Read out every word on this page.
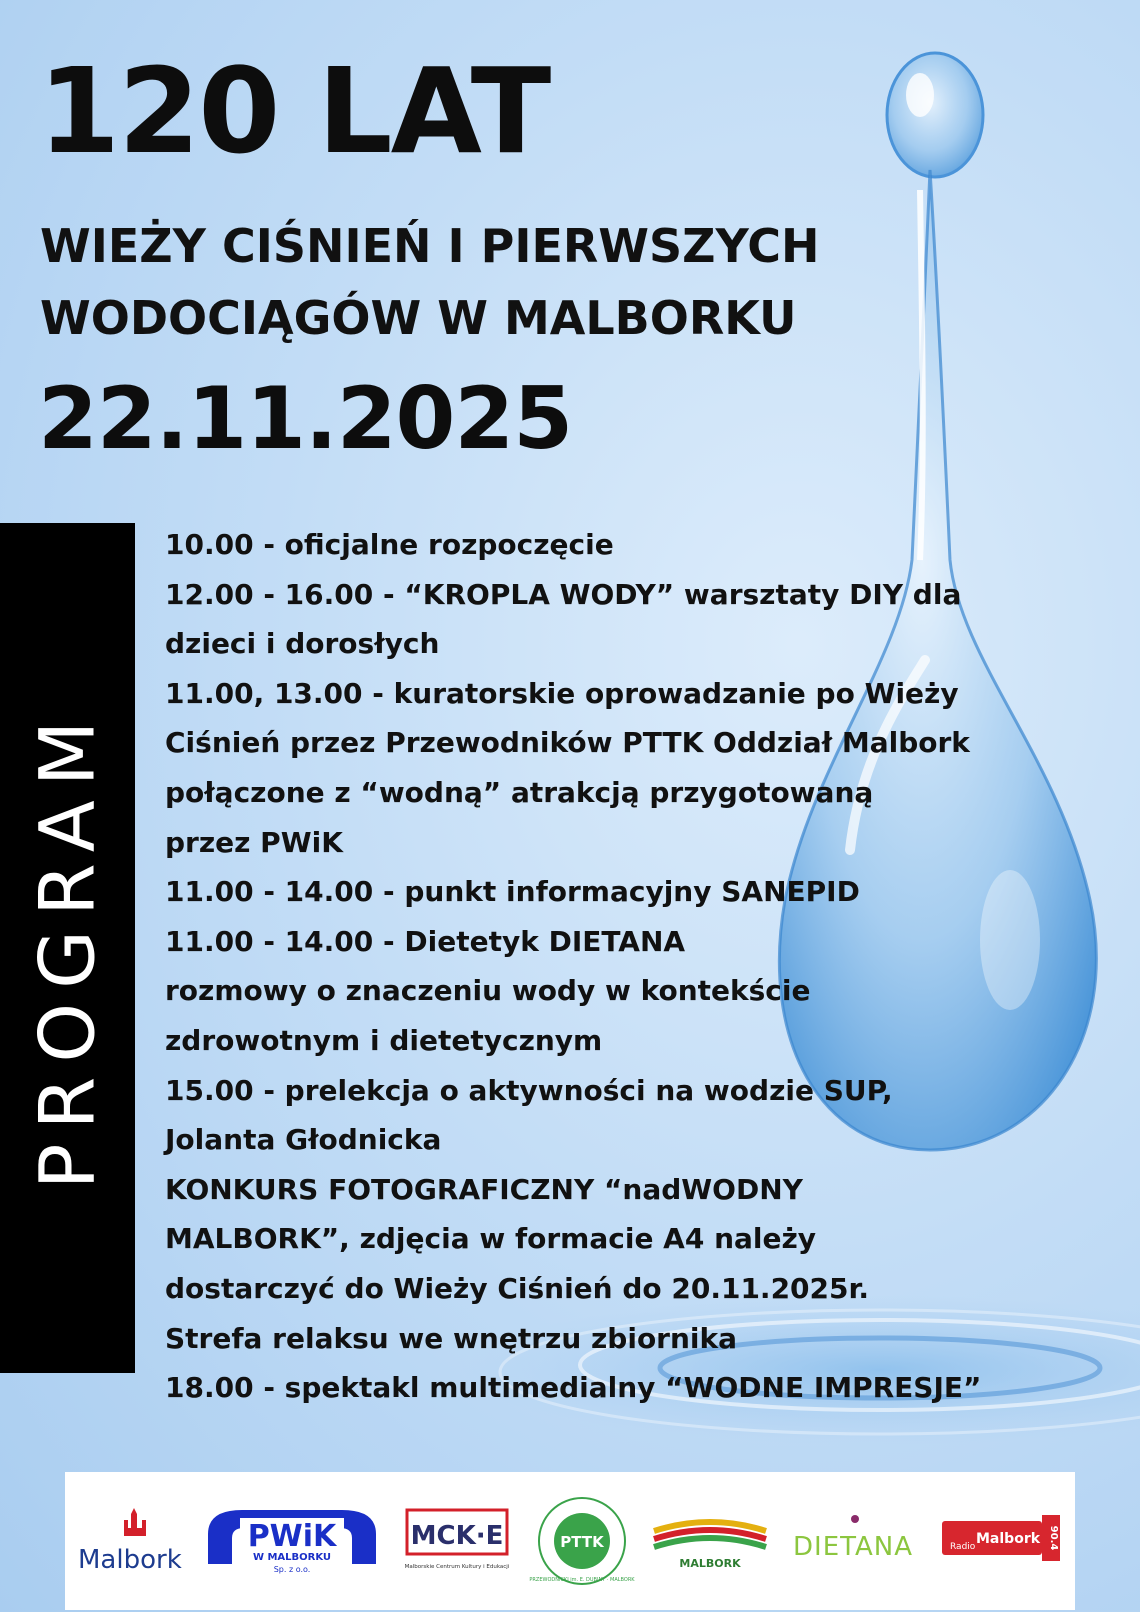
120 LAT
WIEŻY CIŚNIEŃ I PIERWSZYCH
WODOCIĄGÓW W MALBORKU
22.11.2025
PROGRAM
10.00 - oficjalne rozpoczęcie
12.00 - 16.00 - “KROPLA WODY” warsztaty DIY dla
dzieci i dorosłych
11.00, 13.00 - kuratorskie oprowadzanie po Wieży
Ciśnień przez Przewodników PTTK Oddział Malbork
połączone z “wodną” atrakcją przygotowaną
przez PWiK
11.00 - 14.00 - punkt informacyjny SANEPID
11.00 - 14.00 - Dietetyk DIETANA
rozmowy o znaczeniu wody w kontekście
zdrowotnym i dietetycznym
15.00 - prelekcja o aktywności na wodzie SUP,
Jolanta Głodnicka
KONKURS FOTOGRAFICZNY “nadWODNY
MALBORK”, zdjęcia w formacie A4 należy
dostarczyć do Wieży Ciśnień do 20.11.2025r.
Strefa relaksu we wnętrzu zbiornika
18.00 - spektakl multimedialny “WODNE IMPRESJE”
Malbork
PWiK
W MALBORKU
Sp. z o.o.
MCK·E
Malborskie Centrum Kultury i Edukacji
PTTK
PRZEWODNICKI im. E. DUBINY · MALBORK
MALBORK
DIETANA	Radio Malbork 90.4
